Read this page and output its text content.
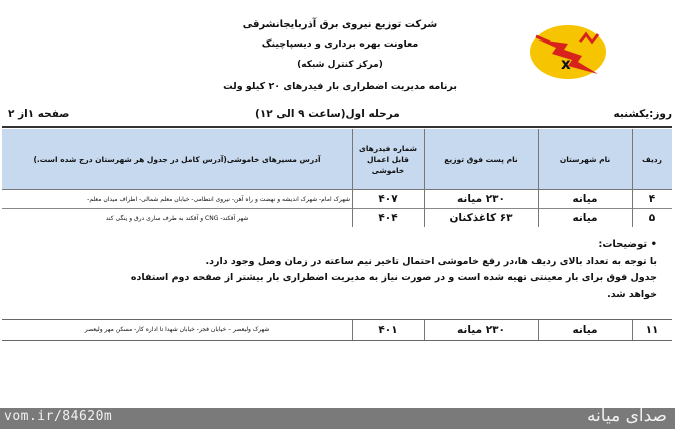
شرکت توزیع نیروی برق آذربایجانشرقی
معاونت بهره برداری و دیسپاچینگ
(مرکز کنترل شبکه)
برنامه مدیریت اضطراری بار فیدرهای ۲۰ کیلو ولت
x
روز:یکشنبه
مرحله اول(ساعت ۹ الی ۱۲)
صفحه ۱از ۲
ردیف
نام شهرستان
نام پست فوق توزیع
شماره فیدرهای قابل اعمال خاموشی
آدرس مسیرهای خاموشی(آدرس کامل در جدول هر شهرستان درج شده است.)
۴
میانه
۲۳۰ میانه
۴۰۷
شهرک امام- شهرک اندیشه و نهضت و راه آهن- نیروی انتظامی- خیابان معلم شمالی- اطراف میدان معلم-
۵
میانه
۶۳ کاغذکنان
۴۰۴
شهر آقکند- CNG و آقکند به طرف ساری درق و ینگی کند
• توضیحات:
با توجه به تعداد بالای ردیف ها،در رفع خاموشی احتمال تاخیر نیم ساعته در زمان وصل وجود دارد.
جدول فوق برای بار معینتی تهیه شده است و در صورت نیاز به مدیریت اضطراری بار بیشتر از صفحه دوم استفاده
خواهد شد.
۱۱
میانه
۲۳۰ میانه
۴۰۱
شهرک ولیعصر – خیابان فجر- خیابان شهدا تا اداره کار- مسکن مهر ولیعصر
vom.ir/84620m	صدای میانه
